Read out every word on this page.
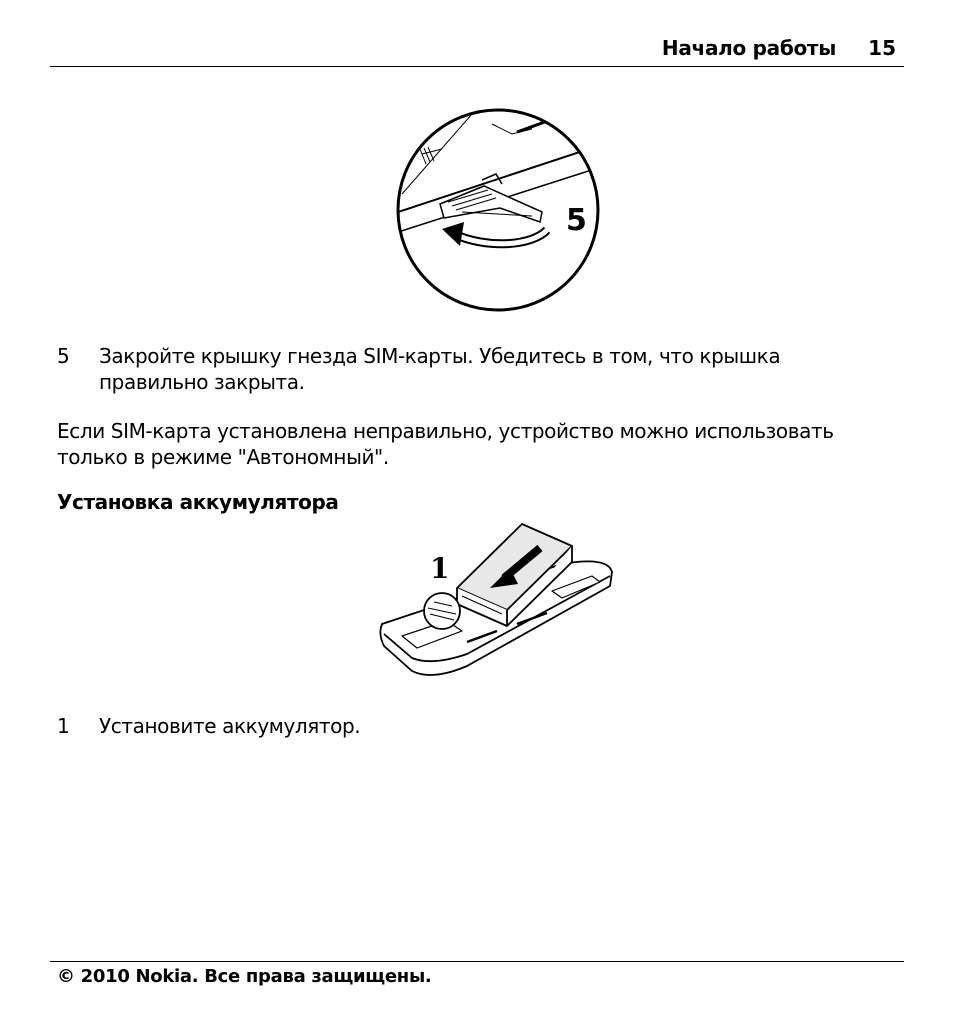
Начало работы 15
5
5	Закройте крышку гнезда SIM-карты. Убедитесь в том, что крышка
правильно закрыта.
Если SIM-карта установлена неправильно, устройство можно использовать
только в режиме "Автономный".
Установка аккумулятора
1
1	Установите аккумулятор.
© 2010 Nokia. Все права защищены.
